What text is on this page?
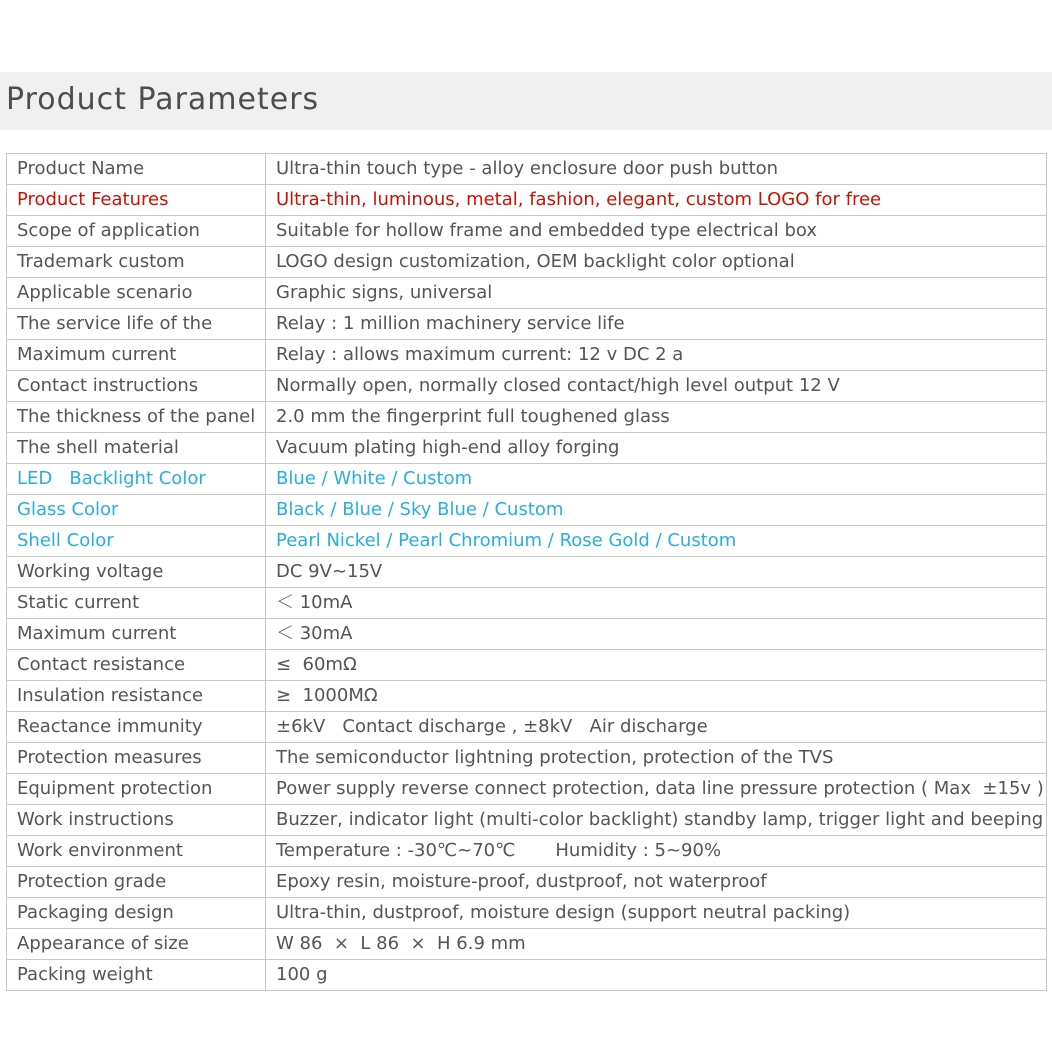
Product Parameters
Product Name	Ultra-thin touch type - alloy enclosure door push button
Product Features	Ultra-thin, luminous, metal, fashion, elegant, custom LOGO for free
Scope of application	Suitable for hollow frame and embedded type electrical box
Trademark custom	LOGO design customization, OEM backlight color optional
Applicable scenario	Graphic signs, universal
The service life of the	Relay : 1 million machinery service life
Maximum current	Relay : allows maximum current: 12 v DC 2 a
Contact instructions	Normally open, normally closed contact/high level output 12 V
The thickness of the panel	2.0 mm the fingerprint full toughened glass
The shell material	Vacuum plating high-end alloy forging
LED   Backlight Color	Blue / White / Custom
Glass Color	Black / Blue / Sky Blue / Custom
Shell Color	Pearl Nickel / Pearl Chromium / Rose Gold / Custom
Working voltage	DC 9V∼15V
Static current	＜ 10mA
Maximum current	＜ 30mA
Contact resistance	≤  60mΩ
Insulation resistance	≥  1000MΩ
Reactance immunity	±6kV   Contact discharge , ±8kV   Air discharge
Protection measures	The semiconductor lightning protection, protection of the TVS
Equipment protection	Power supply reverse connect protection, data line pressure protection ( Max  ±15v )
Work instructions	Buzzer, indicator light (multi-color backlight) standby lamp, trigger light and beeping
Work environment	Temperature : -30℃~70℃       Humidity : 5~90%
Protection grade	Epoxy resin, moisture-proof, dustproof, not waterproof
Packaging design	Ultra-thin, dustproof, moisture design (support neutral packing)
Appearance of size	W 86  ×  L 86  ×  H 6.9 mm
Packing weight	100 g
